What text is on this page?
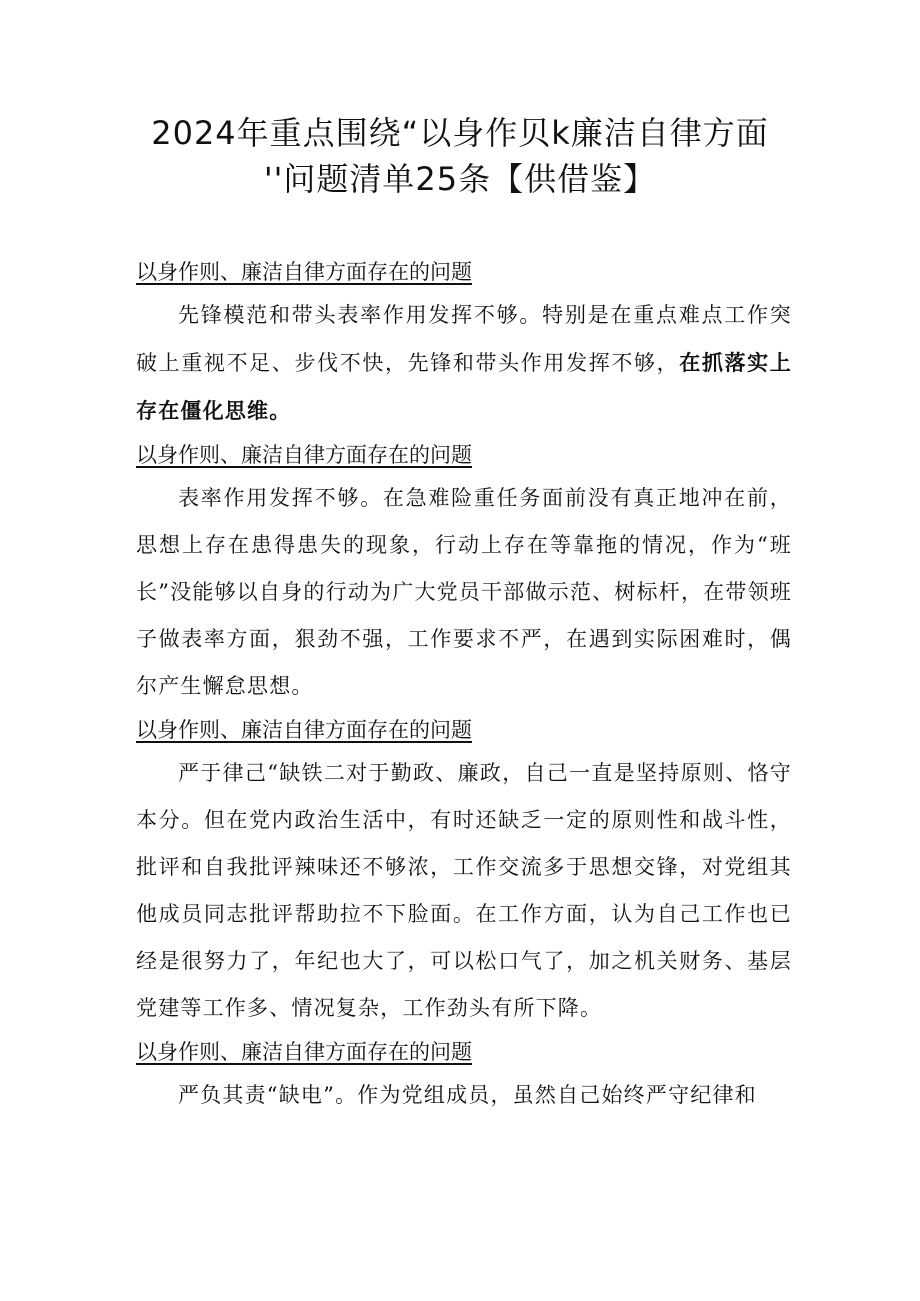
2024年重点围绕“以身作贝k廉洁自律方面
''问题清单25条【供借鉴】

以身作则、廉洁自律方面存在的问题

先锋模范和带头表率作用发挥不够。特别是在重点难点工作突破上重视不足、步伐不快，先锋和带头作用发挥不够，在抓落实上存在僵化思维。

以身作则、廉洁自律方面存在的问题

表率作用发挥不够。在急难险重任务面前没有真正地冲在前，思想上存在患得患失的现象，行动上存在等靠拖的情况，作为“班长”没能够以自身的行动为广大党员干部做示范、树标杆，在带领班子做表率方面，狠劲不强，工作要求不严，在遇到实际困难时，偶尔产生懈怠思想。

以身作则、廉洁自律方面存在的问题

严于律己“缺铁二对于勤政、廉政，自己一直是坚持原则、恪守本分。但在党内政治生活中，有时还缺乏一定的原则性和战斗性，批评和自我批评辣味还不够浓，工作交流多于思想交锋，对党组其他成员同志批评帮助拉不下脸面。在工作方面，认为自己工作也已经是很努力了，年纪也大了，可以松口气了，加之机关财务、基层党建等工作多、情况复杂，工作劲头有所下降。

以身作则、廉洁自律方面存在的问题

严负其责“缺电”。作为党组成员，虽然自己始终严守纪律和
